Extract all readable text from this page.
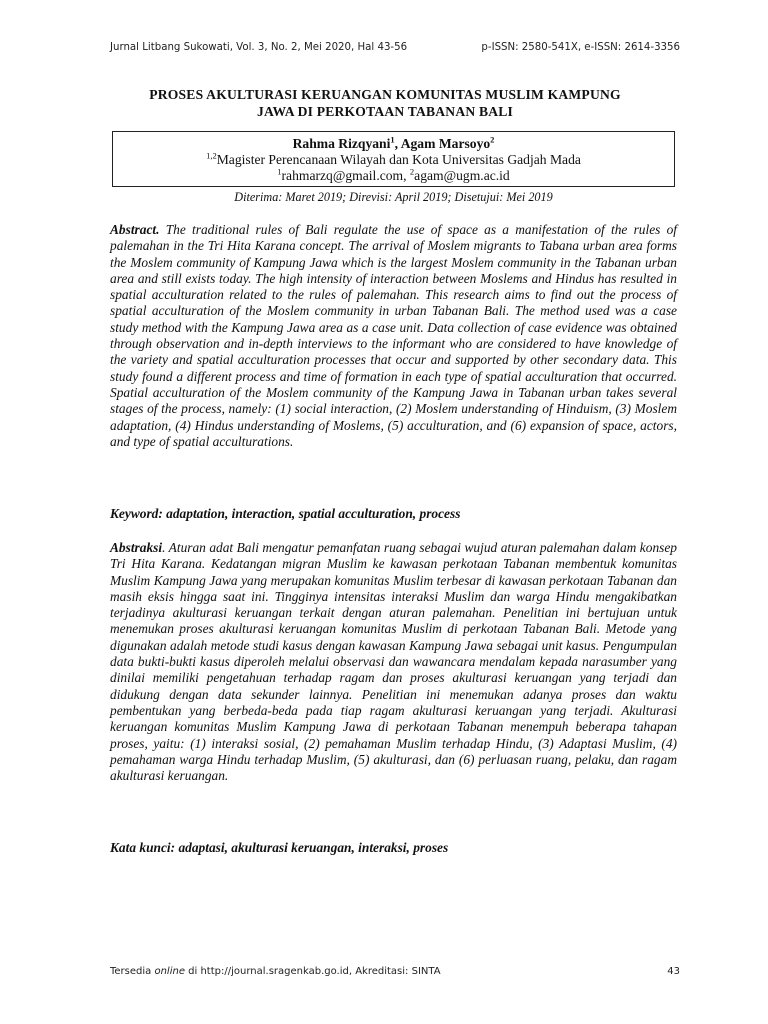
Jurnal Litbang Sukowati, Vol. 3, No. 2, Mei 2020, Hal 43-56	p-ISSN: 2580-541X, e-ISSN: 2614-3356
PROSES AKULTURASI KERUANGAN KOMUNITAS MUSLIM KAMPUNG
JAWA DI PERKOTAAN TABANAN BALI
Rahma Rizqyani$^1$, Agam Marsoyo$^2$
$^{1,2}$Magister Perencanaan Wilayah dan Kota Universitas Gadjah Mada
$^1$rahmarzq@gmail.com, $^2$agam@ugm.ac.id
Diterima: Maret 2019; Direvisi: April 2019; Disetujui: Mei 2019
Abstract. The traditional rules of Bali regulate the use of space as a manifestation of the rules of palemahan in the Tri Hita Karana concept. The arrival of Moslem migrants to Tabana urban area forms the Moslem community of Kampung Jawa which is the largest Moslem community in the Tabanan urban area and still exists today. The high intensity of interaction between Moslems and Hindus has resulted in spatial acculturation related to the rules of palemahan. This research aims to find out the process of spatial acculturation of the Moslem community in urban Tabanan Bali. The method used was a case study method with the Kampung Jawa area as a case unit. Data collection of case evidence was obtained through observation and in-depth interviews to the informant who are considered to have knowledge of the variety and spatial acculturation processes that occur and supported by other secondary data. This study found a different process and time of formation in each type of spatial acculturation that occurred. Spatial acculturation of the Moslem community of the Kampung Jawa in Tabanan urban takes several stages of the process, namely: (1) social interaction, (2) Moslem understanding of Hinduism, (3) Moslem adaptation, (4) Hindus understanding of Moslems, (5) acculturation, and (6) expansion of space, actors, and type of spatial acculturations.
Keyword: adaptation, interaction, spatial acculturation, process
Abstraksi. Aturan adat Bali mengatur pemanfatan ruang sebagai wujud aturan palemahan dalam konsep Tri Hita Karana. Kedatangan migran Muslim ke kawasan perkotaan Tabanan membentuk komunitas Muslim Kampung Jawa yang merupakan komunitas Muslim terbesar di kawasan perkotaan Tabanan dan masih eksis hingga saat ini. Tingginya intensitas interaksi Muslim dan warga Hindu mengakibatkan terjadinya akulturasi keruangan terkait dengan aturan palemahan. Penelitian ini bertujuan untuk menemukan proses akulturasi keruangan komunitas Muslim di perkotaan Tabanan Bali. Metode yang digunakan adalah metode studi kasus dengan kawasan Kampung Jawa sebagai unit kasus. Pengumpulan data bukti-bukti kasus diperoleh melalui observasi dan wawancara mendalam kepada narasumber yang dinilai memiliki pengetahuan terhadap ragam dan proses akulturasi keruangan yang terjadi dan didukung dengan data sekunder lainnya. Penelitian ini menemukan adanya proses dan waktu pembentukan yang berbeda-beda pada tiap ragam akulturasi keruangan yang terjadi. Akulturasi keruangan komunitas Muslim Kampung Jawa di perkotaan Tabanan menempuh beberapa tahapan proses, yaitu: (1) interaksi sosial, (2) pemahaman Muslim terhadap Hindu, (3) Adaptasi Muslim, (4) pemahaman warga Hindu terhadap Muslim, (5) akulturasi, dan (6) perluasan ruang, pelaku, dan ragam akulturasi keruangan.
Kata kunci: adaptasi, akulturasi keruangan, interaksi, proses
Tersedia online di http://journal.sragenkab.go.id, Akreditasi: SINTA	43
